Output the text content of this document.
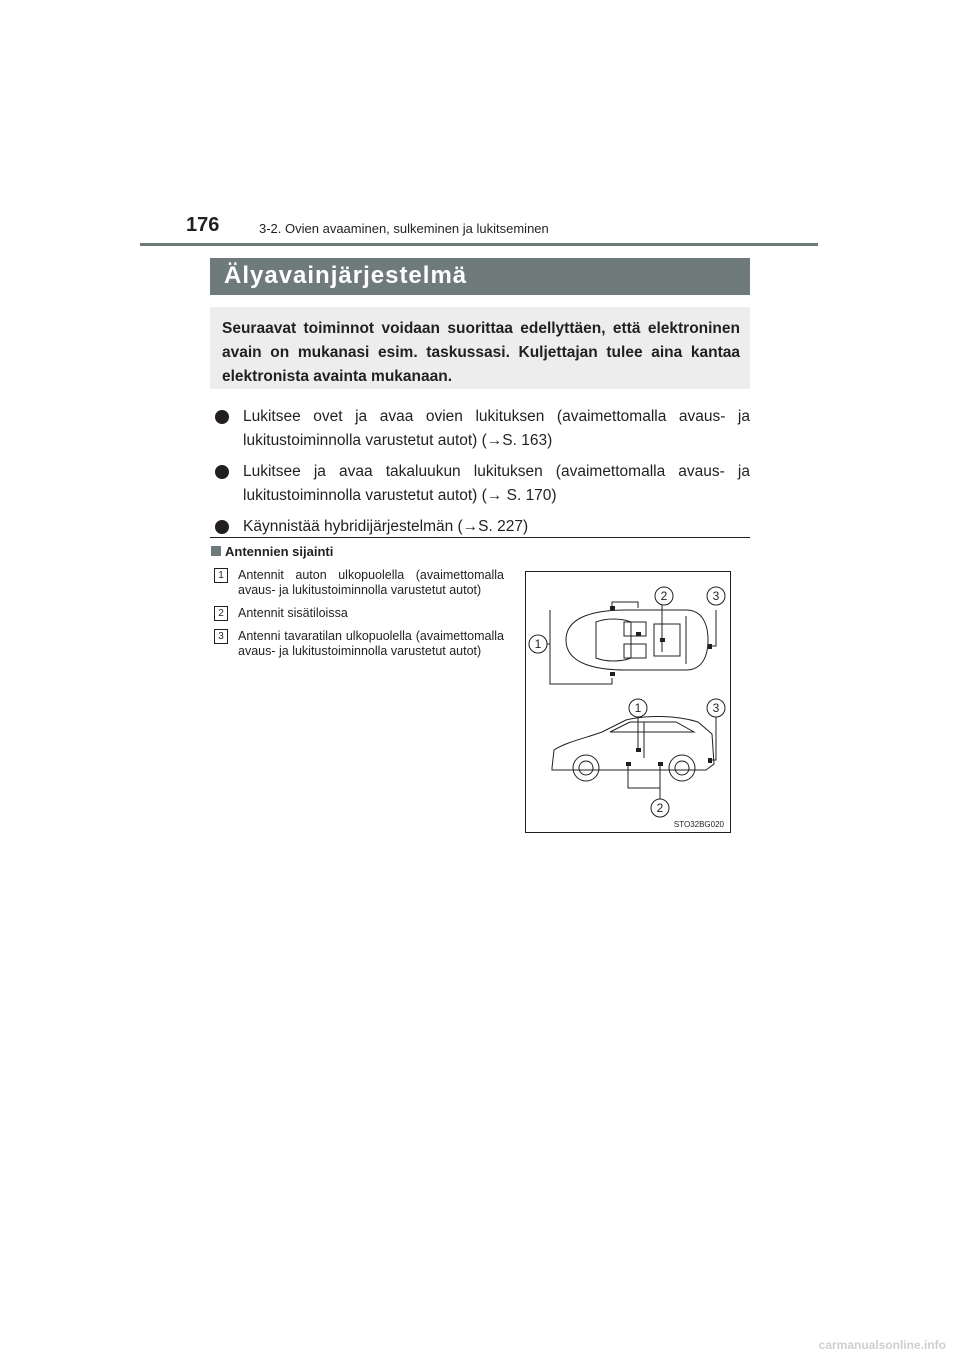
176	3-2. Ovien avaaminen, sulkeminen ja lukitseminen
Älyavainjärjestelmä
Seuraavat toiminnot voidaan suorittaa edellyttäen, että elektroninen avain on mukanasi esim. taskussasi. Kuljettajan tulee aina kantaa elektronista avainta mukanaan.
Lukitsee ovet ja avaa ovien lukituksen (avaimettomalla avaus- ja lukitustoiminnolla varustetut autot) (→S. 163)
Lukitsee ja avaa takaluukun lukituksen (avaimettomalla avaus- ja lukitustoiminnolla varustetut autot) (→ S. 170)
Käynnistää hybridijärjestelmän (→S. 227)
Antennien sijainti
1	Antennit auton ulkopuolella (avaimettomalla avaus- ja lukitustoiminnolla varustetut autot)
2	Antennit sisätiloissa
3	Antenni tavaratilan ulkopuolella (avaimettomalla avaus- ja lukitustoiminnolla varustetut autot)	1
2	3
1
2
3
STO32BG020
carmanualsonline.info
